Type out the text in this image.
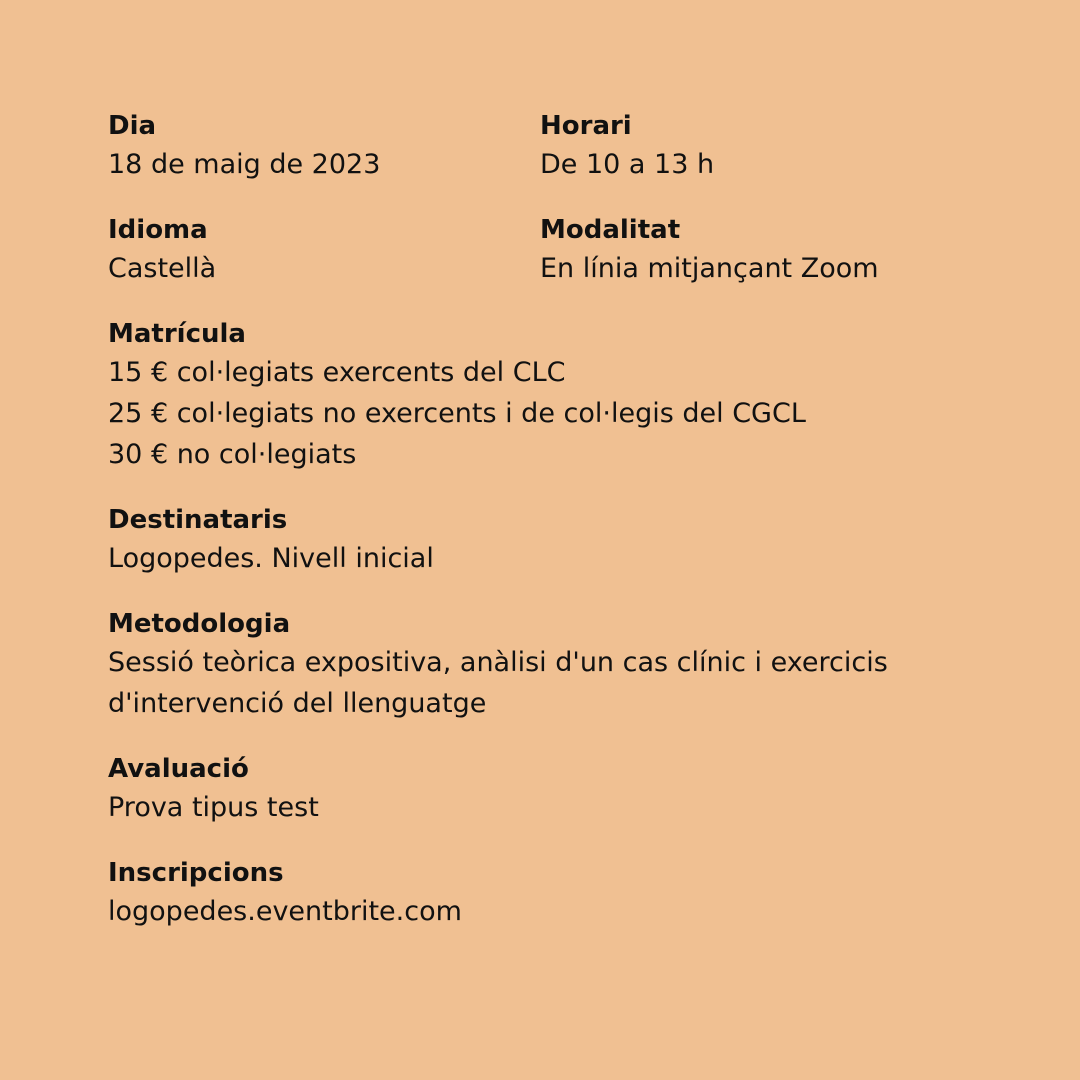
Dia
18 de maig de 2023
Horari
De 10 a 13 h
Idioma
Castellà
Modalitat
En línia mitjançant Zoom
Matrícula
15 € col·legiats exercents del CLC
25 € col·legiats no exercents i de col·legis del CGCL
30 € no col·legiats
Destinataris
Logopedes. Nivell inicial
Metodologia
Sessió teòrica expositiva, anàlisi d'un cas clínic i exercicis
d'intervenció del llenguatge
Avaluació
Prova tipus test
Inscripcions
logopedes.eventbrite.com
